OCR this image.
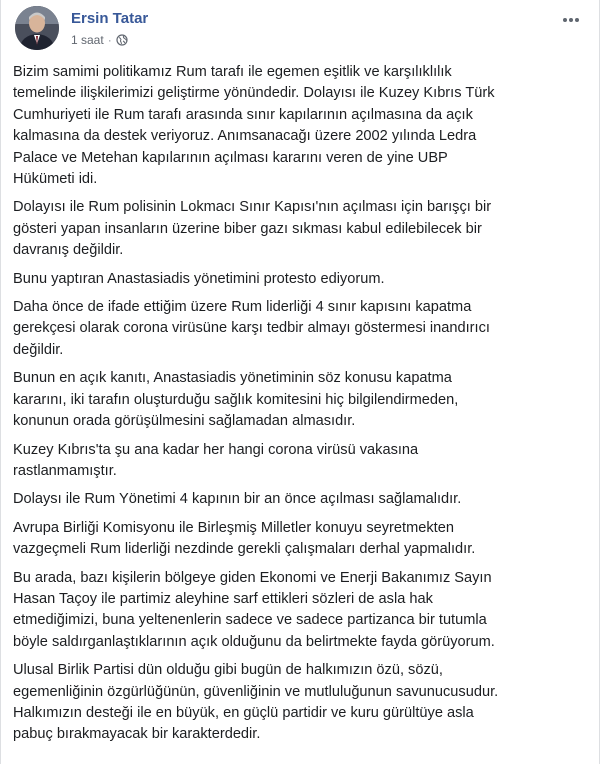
Ersin Tatar
1 saat ·

Bizim samimi politikamız Rum tarafı ile egemen eşitlik ve karşılıklılık
temelinde ilişkilerimizi geliştirme yönündedir. Dolayısı ile Kuzey Kıbrıs Türk
Cumhuriyeti ile Rum tarafı arasında sınır kapılarının açılmasına da açık
kalmasına da destek veriyoruz. Anımsanacağı üzere 2002 yılında Ledra
Palace ve Metehan kapılarının açılması kararını veren de yine UBP
Hükümeti idi.

Dolayısı ile Rum polisinin Lokmacı Sınır Kapısı'nın açılması için barışçı bir
gösteri yapan insanların üzerine biber gazı sıkması kabul edilebilecek bir
davranış değildir.

Bunu yaptıran Anastasiadis yönetimini protesto ediyorum.

Daha önce de ifade ettiğim üzere Rum liderliği 4 sınır kapısını kapatma
gerekçesi olarak corona virüsüne karşı tedbir almayı göstermesi inandırıcı
değildir.

Bunun en açık kanıtı, Anastasiadis yönetiminin söz konusu kapatma
kararını, iki tarafın oluşturduğu sağlık komitesini hiç bilgilendirmeden,
konunun orada görüşülmesini sağlamadan almasıdır.

Kuzey Kıbrıs'ta şu ana kadar her hangi corona virüsü vakasına
rastlanmamıştır.

Dolaysı ile Rum Yönetimi 4 kapının bir an önce açılması sağlamalıdır.

Avrupa Birliği Komisyonu ile Birleşmiş Milletler konuyu seyretmekten
vazgeçmeli Rum liderliği nezdinde gerekli çalışmaları derhal yapmalıdır.

Bu arada, bazı kişilerin bölgeye giden Ekonomi ve Enerji Bakanımız Sayın
Hasan Taçoy ile partimiz aleyhine sarf ettikleri sözleri de asla hak
etmediğimizi, buna yeltenenlerin sadece ve sadece partizanca bir tutumla
böyle saldırganlaştıklarının açık olduğunu da belirtmekte fayda görüyorum.

Ulusal Birlik Partisi dün olduğu gibi bugün de halkımızın özü, sözü,
egemenliğinin özgürlüğünün, güvenliğinin ve mutluluğunun savunucusudur.
Halkımızın desteği ile en büyük, en güçlü partidir ve kuru gürültüye asla
pabuç bırakmayacak bir karakterdedir.
